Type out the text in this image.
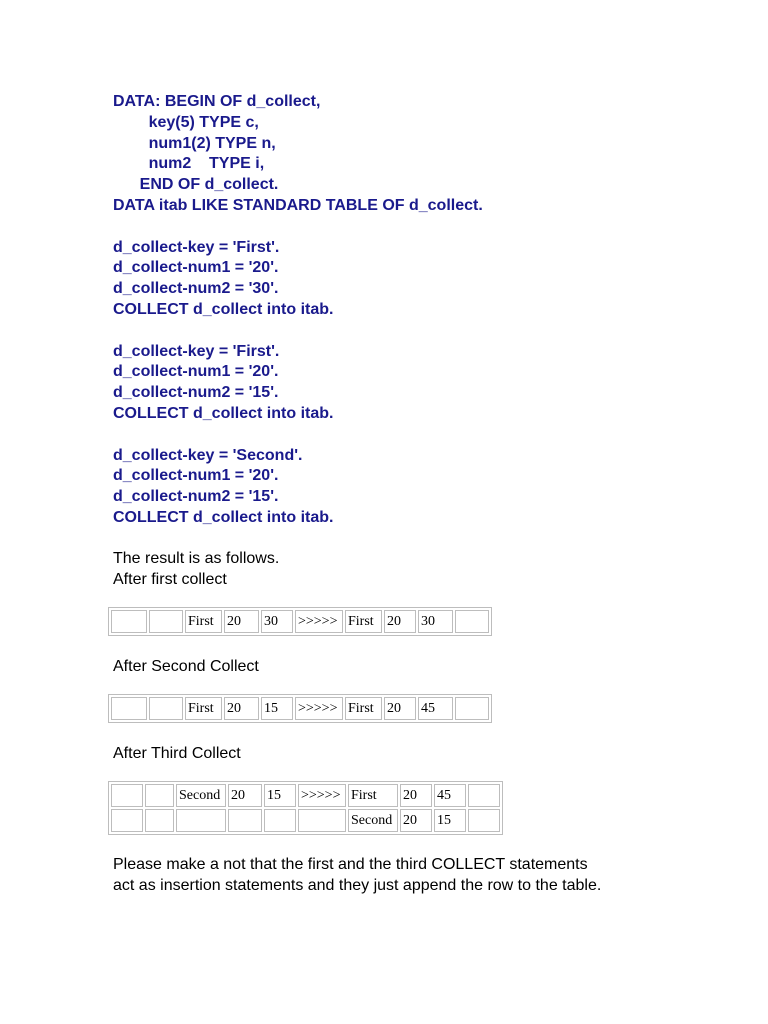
DATA: BEGIN OF d_collect,
key(5) TYPE c,
num1(2) TYPE n,
num2    TYPE i,
END OF d_collect.
DATA itab LIKE STANDARD TABLE OF d_collect.
d_collect-key = 'First'.
d_collect-num1 = '20'.
d_collect-num2 = '30'.
COLLECT d_collect into itab.
d_collect-key = 'First'.
d_collect-num1 = '20'.
d_collect-num2 = '15'.
COLLECT d_collect into itab.
d_collect-key = 'Second'.
d_collect-num1 = '20'.
d_collect-num2 = '15'.
COLLECT d_collect into itab.
The result is as follows.
After first collect
		First	20	30	>>>>>	First	20	30	
After Second Collect
		First	20	15	>>>>>	First	20	45	
After Third Collect
		Second	20	15	>>>>>	First	20	45	
						Second	20	15	
Please make a not that the first and the third COLLECT statements
act as insertion statements and they just append the row to the table.
